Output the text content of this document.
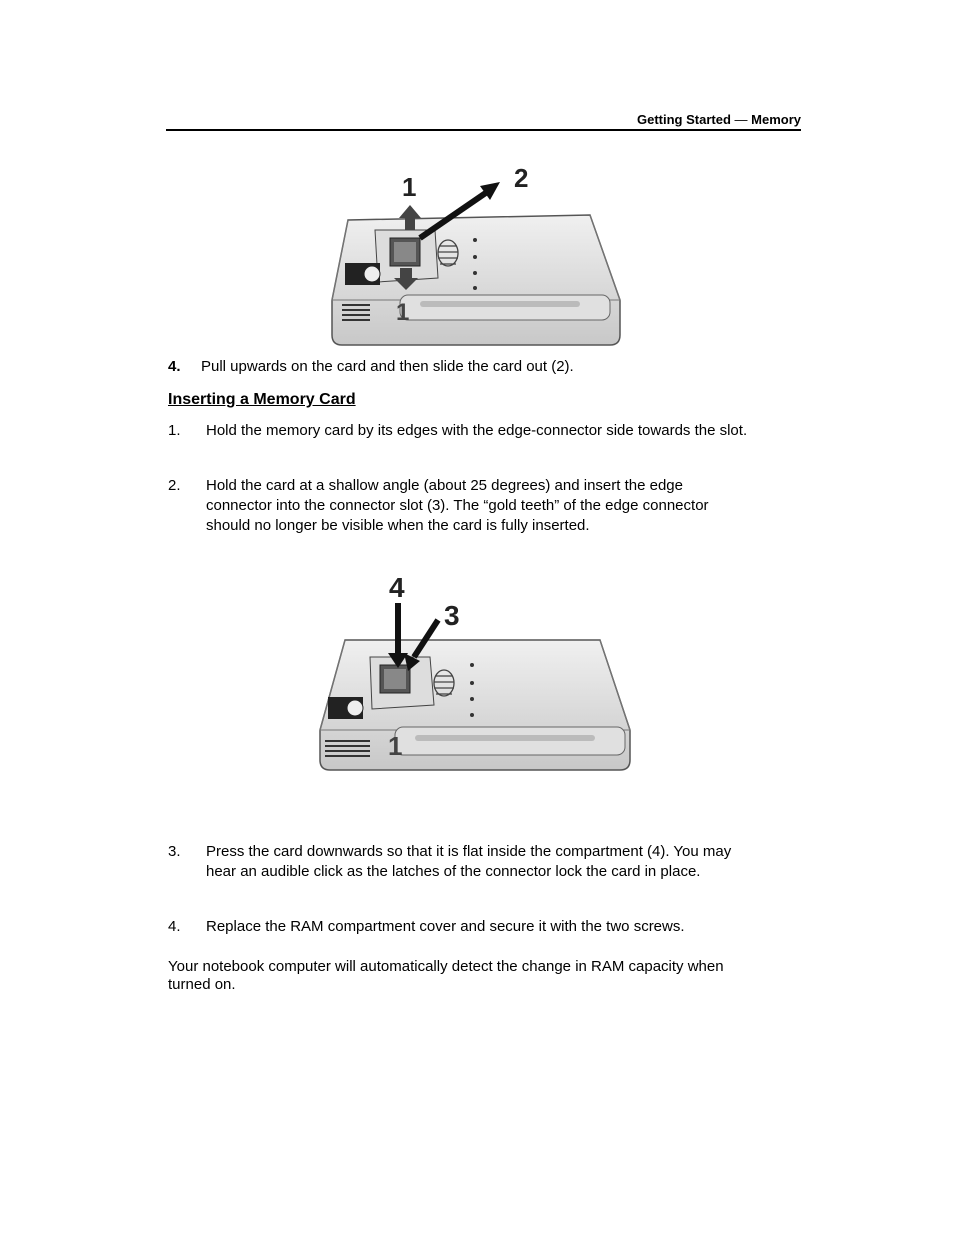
Getting Started — Memory
1	2
1
4. Pull upwards on the card and then slide the card out (2).
Inserting a Memory Card
1. Hold the memory card by its edges with the edge-connector side towards the slot.
2. Hold the card at a shallow angle (about 25 degrees) and insert the edge connector into the connector slot (3). The “gold teeth” of the edge connector should no longer be visible when the card is fully inserted.
4
3
1
3. Press the card downwards so that it is flat inside the compartment (4). You may hear an audible click as the latches of the connector lock the card in place.
4. Replace the RAM compartment cover and secure it with the two screws.
Your notebook computer will automatically detect the change in RAM capacity when turned on.
